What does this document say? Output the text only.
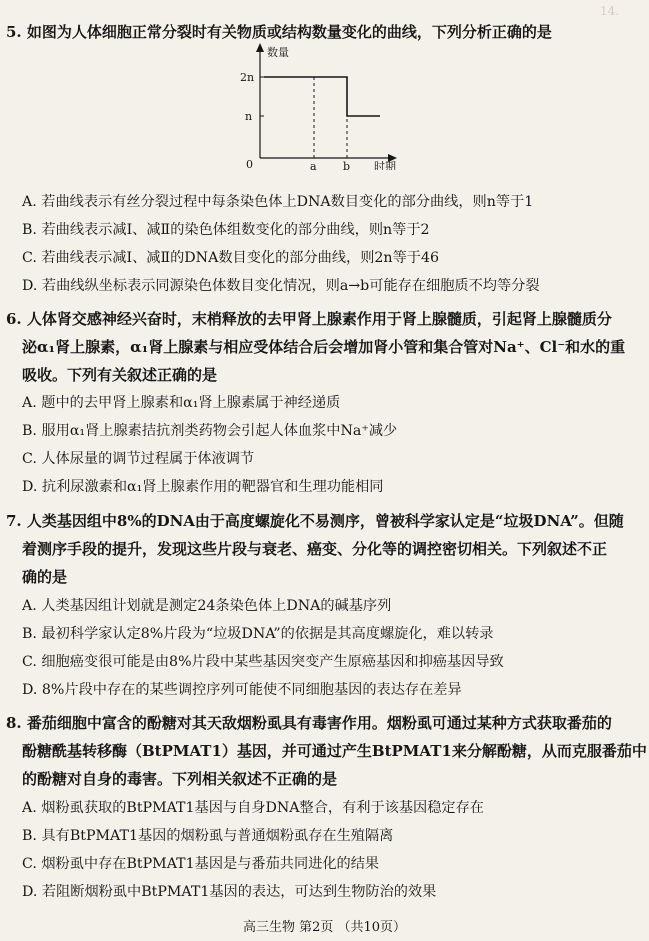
14.
5. 如图为人体细胞正常分裂时有关物质或结构数量变化的曲线，下列分析正确的是
数量
时期
0
2n
n
a b
A. 若曲线表示有丝分裂过程中每条染色体上DNA数目变化的部分曲线，则n等于1
B. 若曲线表示减Ⅰ、减Ⅱ的染色体组数变化的部分曲线，则n等于2
C. 若曲线表示减Ⅰ、减Ⅱ的DNA数目变化的部分曲线，则2n等于46
D. 若曲线纵坐标表示同源染色体数目变化情况，则a→b可能存在细胞质不均等分裂
6. 人体肾交感神经兴奋时，末梢释放的去甲肾上腺素作用于肾上腺髓质，引起肾上腺髓质分
泌α₁肾上腺素，α₁肾上腺素与相应受体结合后会增加肾小管和集合管对Na⁺、Cl⁻和水的重
吸收。下列有关叙述正确的是
A. 题中的去甲肾上腺素和α₁肾上腺素属于神经递质
B. 服用α₁肾上腺素拮抗剂类药物会引起人体血浆中Na⁺减少
C. 人体尿量的调节过程属于体液调节
D. 抗利尿激素和α₁肾上腺素作用的靶器官和生理功能相同
7. 人类基因组中8%的DNA由于高度螺旋化不易测序，曾被科学家认定是“垃圾DNA”。但随
着测序手段的提升，发现这些片段与衰老、癌变、分化等的调控密切相关。下列叙述不正
确的是
A. 人类基因组计划就是测定24条染色体上DNA的碱基序列
B. 最初科学家认定8%片段为“垃圾DNA”的依据是其高度螺旋化，难以转录
C. 细胞癌变很可能是由8%片段中某些基因突变产生原癌基因和抑癌基因导致
D. 8%片段中存在的某些调控序列可能使不同细胞基因的表达存在差异
8. 番茄细胞中富含的酚糖对其天敌烟粉虱具有毒害作用。烟粉虱可通过某种方式获取番茄的
酚糖酰基转移酶（BtPMAT1）基因，并可通过产生BtPMAT1来分解酚糖，从而克服番茄中
的酚糖对自身的毒害。下列相关叙述不正确的是
A. 烟粉虱获取的BtPMAT1基因与自身DNA整合，有利于该基因稳定存在
B. 具有BtPMAT1基因的烟粉虱与普通烟粉虱存在生殖隔离
C. 烟粉虱中存在BtPMAT1基因是与番茄共同进化的结果
D. 若阻断烟粉虱中BtPMAT1基因的表达，可达到生物防治的效果
高三生物 第2页 （共10页）
